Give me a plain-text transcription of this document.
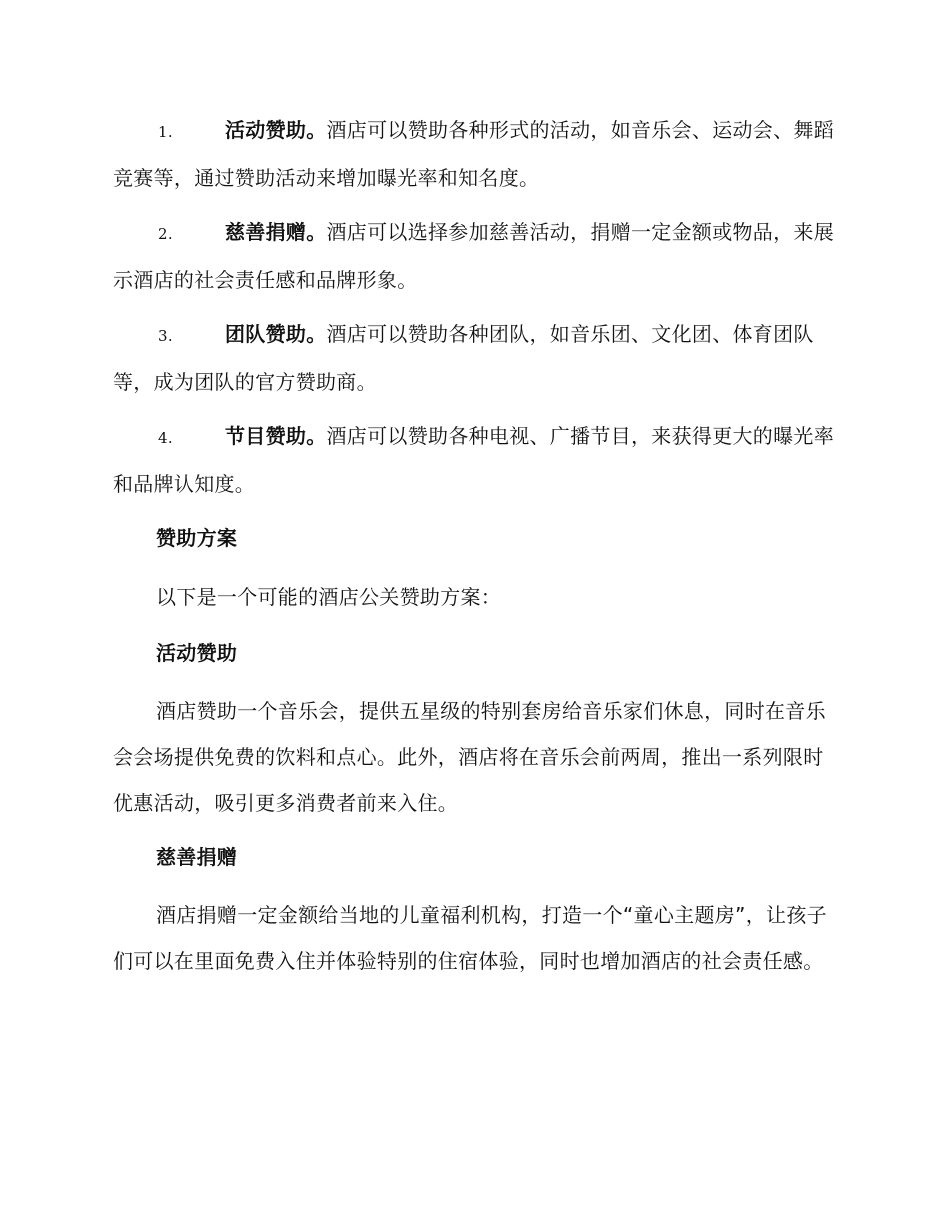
1.	活动赞助。酒店可以赞助各种形式的活动，如音乐会、运动会、舞蹈竞赛等，通过赞助活动来增加曝光率和知名度。
2.	慈善捐赠。酒店可以选择参加慈善活动，捐赠一定金额或物品，来展示酒店的社会责任感和品牌形象。
3.	团队赞助。酒店可以赞助各种团队，如音乐团、文化团、体育团队等，成为团队的官方赞助商。
4.	节目赞助。酒店可以赞助各种电视、广播节目，来获得更大的曝光率和品牌认知度。
赞助方案
以下是一个可能的酒店公关赞助方案：
活动赞助
酒店赞助一个音乐会，提供五星级的特别套房给音乐家们休息，同时在音乐会会场提供免费的饮料和点心。此外，酒店将在音乐会前两周，推出一系列限时优惠活动，吸引更多消费者前来入住。
慈善捐赠
酒店捐赠一定金额给当地的儿童福利机构，打造一个“童心主题房”，让孩子们可以在里面免费入住并体验特别的住宿体验，同时也增加酒店的社会责任感。
